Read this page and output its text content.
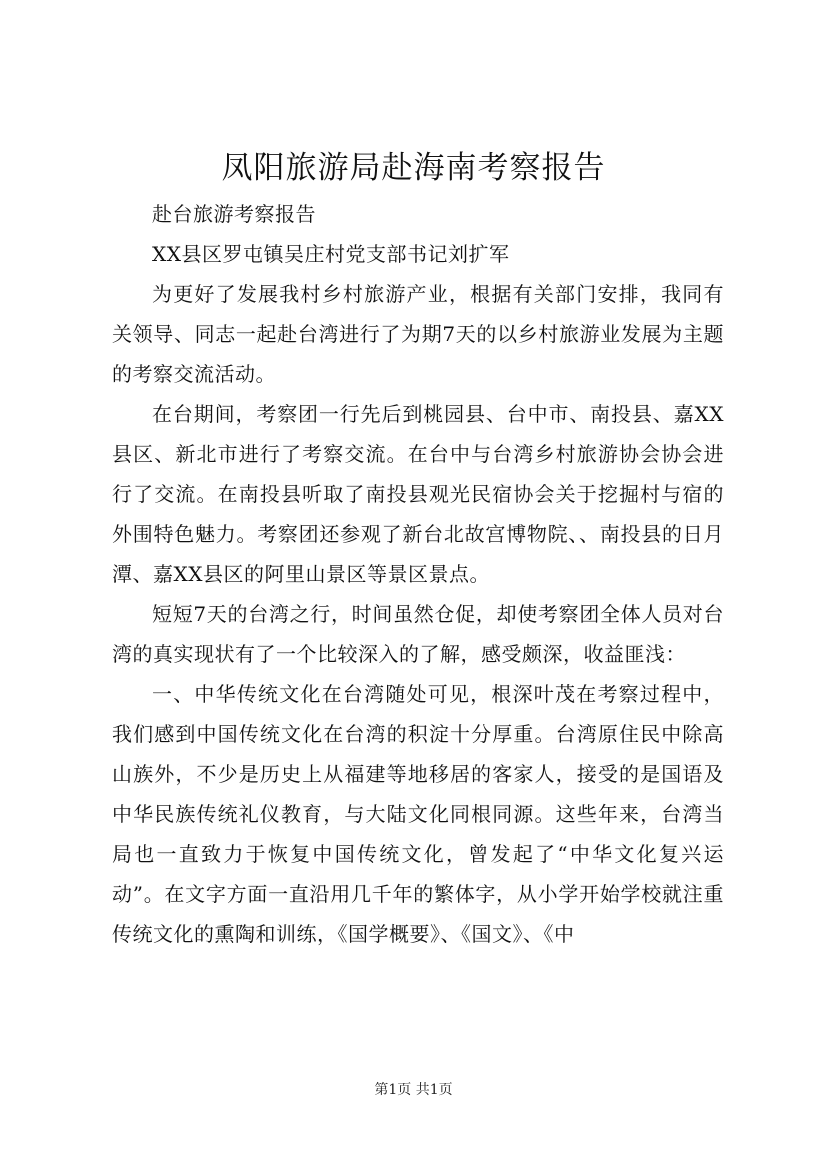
凤阳旅游局赴海南考察报告

赴台旅游考察报告

XX县区罗屯镇吴庄村党支部书记刘扩军

为更好了发展我村乡村旅游产业，根据有关部门安排，我同有关领导、同志一起赴台湾进行了为期7天的以乡村旅游业发展为主题的考察交流活动。

在台期间，考察团一行先后到桃园县、台中市、南投县、嘉XX县区、新北市进行了考察交流。在台中与台湾乡村旅游协会协会进行了交流。在南投县听取了南投县观光民宿协会关于挖掘村与宿的外围特色魅力。考察团还参观了新台北故宫博物院、、南投县的日月潭、嘉XX县区的阿里山景区等景区景点。

短短7天的台湾之行，时间虽然仓促，却使考察团全体人员对台湾的真实现状有了一个比较深入的了解，感受颇深，收益匪浅：

一、中华传统文化在台湾随处可见，根深叶茂在考察过程中，我们感到中国传统文化在台湾的积淀十分厚重。台湾原住民中除高山族外，不少是历史上从福建等地移居的客家人，接受的是国语及中华民族传统礼仪教育，与大陆文化同根同源。这些年来，台湾当局也一直致力于恢复中国传统文化，曾发起了“中华文化复兴运动”。在文字方面一直沿用几千年的繁体字，从小学开始学校就注重传统文化的熏陶和训练，《国学概要》、《国文》、《中

第1页 共1页
